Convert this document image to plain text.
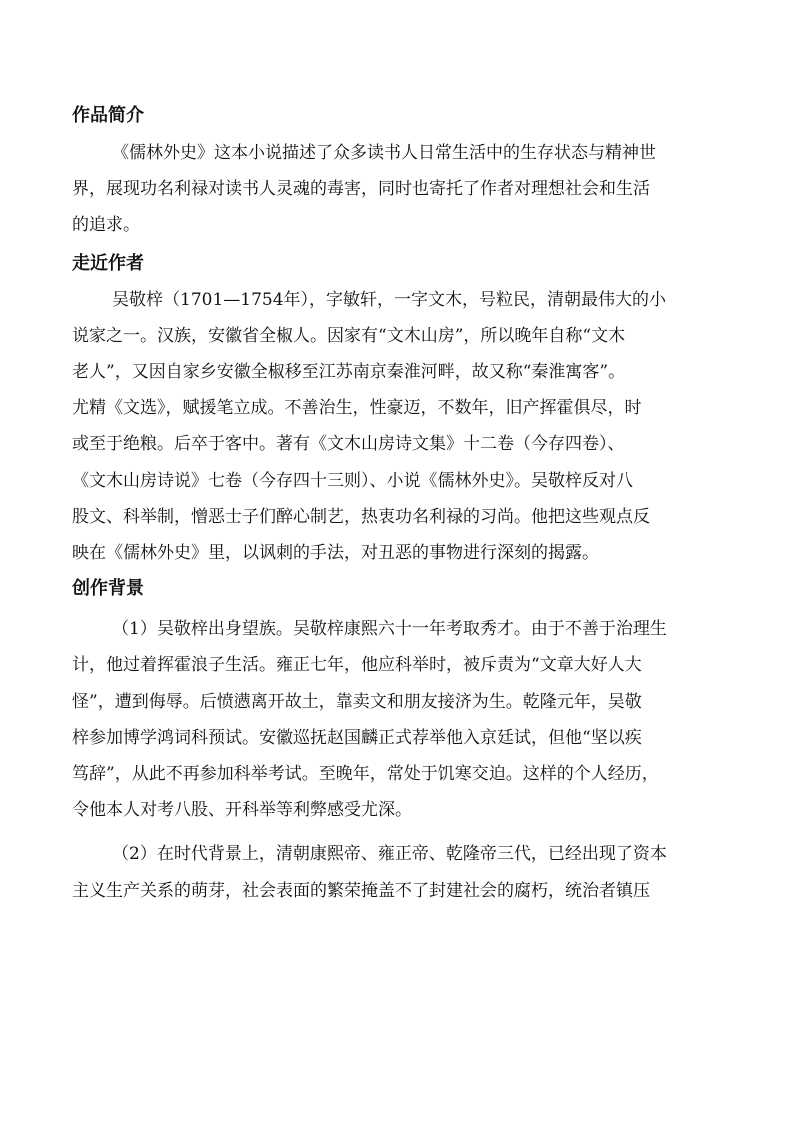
作品简介

《儒林外史》这本小说描述了众多读书人日常生活中的生存状态与精神世
界，展现功名利禄对读书人灵魂的毒害，同时也寄托了作者对理想社会和生活
的追求。

走近作者

吴敬梓（1701—1754年），字敏轩，一字文木，号粒民，清朝最伟大的小
说家之一。汉族，安徽省全椒人。因家有“文木山房”，所以晚年自称“文木
老人”，又因自家乡安徽全椒移至江苏南京秦淮河畔，故又称“秦淮寓客”。
尤精《文选》，赋援笔立成。不善治生，性豪迈，不数年，旧产挥霍俱尽，时
或至于绝粮。后卒于客中。著有《文木山房诗文集》十二卷（今存四卷）、
《文木山房诗说》七卷（今存四十三则）、小说《儒林外史》。吴敬梓反对八
股文、科举制，憎恶士子们醉心制艺，热衷功名利禄的习尚。他把这些观点反
映在《儒林外史》里，以讽刺的手法，对丑恶的事物进行深刻的揭露。

创作背景

（1）吴敬梓出身望族。吴敬梓康熙六十一年考取秀才。由于不善于治理生
计，他过着挥霍浪子生活。雍正七年，他应科举时，被斥责为“文章大好人大
怪”，遭到侮辱。后愤懑离开故土，靠卖文和朋友接济为生。乾隆元年，吴敬
梓参加博学鸿词科预试。安徽巡抚赵国麟正式荐举他入京廷试，但他“坚以疾
笃辞”，从此不再参加科举考试。至晚年，常处于饥寒交迫。这样的个人经历，
令他本人对考八股、开科举等利弊感受尤深。

（2）在时代背景上，清朝康熙帝、雍正帝、乾隆帝三代，已经出现了资本
主义生产关系的萌芽，社会表面的繁荣掩盖不了封建社会的腐朽，统治者镇压
